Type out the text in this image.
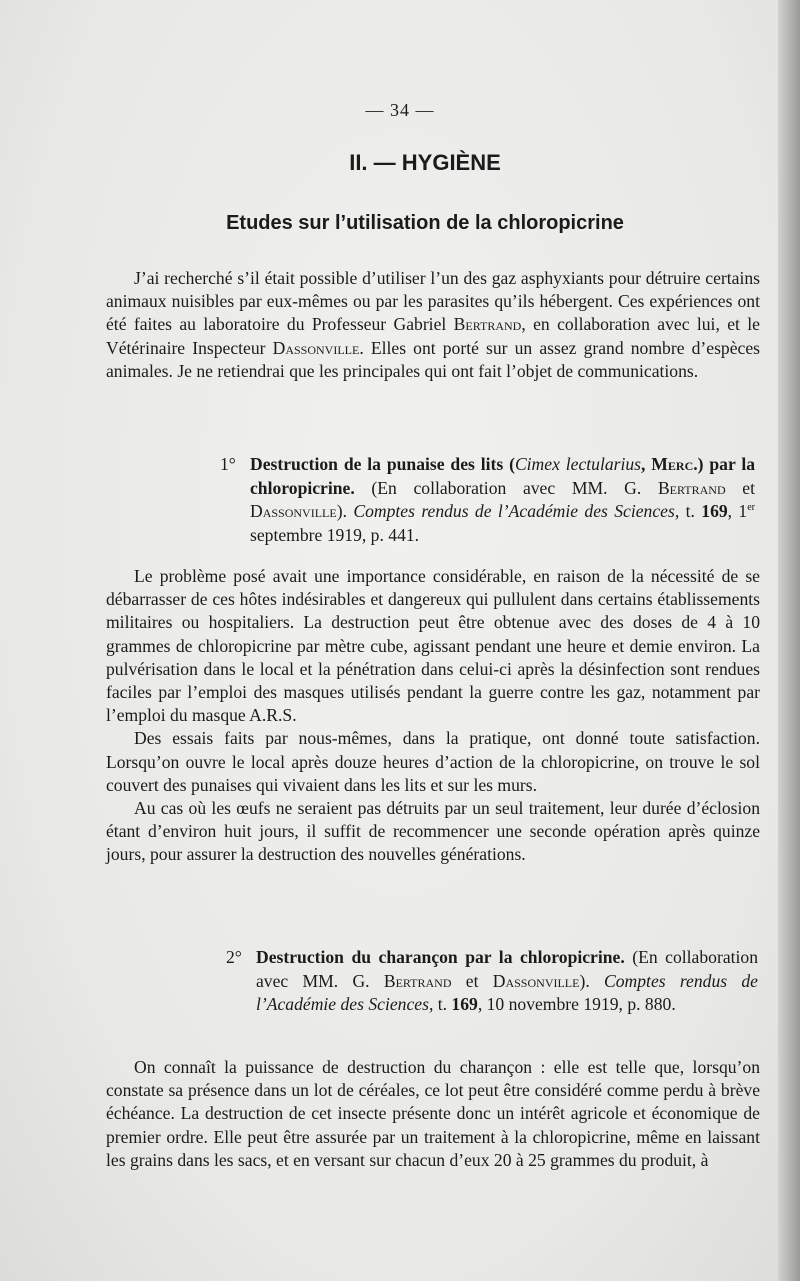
— 34 —
II. — HYGIÈNE
Etudes sur l’utilisation de la chloropicrine

J’ai recherché s’il était possible d’utiliser l’un des gaz asphyxiants pour détruire certains animaux nuisibles par eux-mêmes ou par les parasites qu’ils hébergent. Ces expériences ont été faites au laboratoire du Professeur Gabriel Bertrand, en collaboration avec lui, et le Vétérinaire Inspecteur Dassonville. Elles ont porté sur un assez grand nombre d’espèces animales. Je ne retiendrai que les principales qui ont fait l’objet de communications.

1° Destruction de la punaise des lits (Cimex lectularius, Merc.) par la chloropicrine. (En collaboration avec MM. G. Bertrand et Dassonville). Comptes rendus de l’Académie des Sciences, t. 169, 1er septembre 1919, p. 441.

Le problème posé avait une importance considérable, en raison de la nécessité de se débarrasser de ces hôtes indésirables et dangereux qui pullulent dans certains établissements militaires ou hospitaliers. La destruction peut être obtenue avec des doses de 4 à 10 grammes de chloropicrine par mètre cube, agissant pendant une heure et demie environ. La pulvérisation dans le local et la pénétration dans celui-ci après la désinfection sont rendues faciles par l’emploi des masques utilisés pendant la guerre contre les gaz, notamment par l’emploi du masque A.R.S.

Des essais faits par nous-mêmes, dans la pratique, ont donné toute satisfaction. Lorsqu’on ouvre le local après douze heures d’action de la chloropicrine, on trouve le sol couvert des punaises qui vivaient dans les lits et sur les murs.

Au cas où les œufs ne seraient pas détruits par un seul traitement, leur durée d’éclosion étant d’environ huit jours, il suffit de recommencer une seconde opération après quinze jours, pour assurer la destruction des nouvelles générations.

2° Destruction du charançon par la chloropicrine. (En collaboration avec MM. G. Bertrand et Dassonville). Comptes rendus de l’Académie des Sciences, t. 169, 10 novembre 1919, p. 880.

On connaît la puissance de destruction du charançon : elle est telle que, lorsqu’on constate sa présence dans un lot de céréales, ce lot peut être considéré comme perdu à brève échéance. La destruction de cet insecte présente donc un intérêt agricole et économique de premier ordre. Elle peut être assurée par un traitement à la chloropicrine, même en laissant les grains dans les sacs, et en versant sur chacun d’eux 20 à 25 grammes du produit, à
